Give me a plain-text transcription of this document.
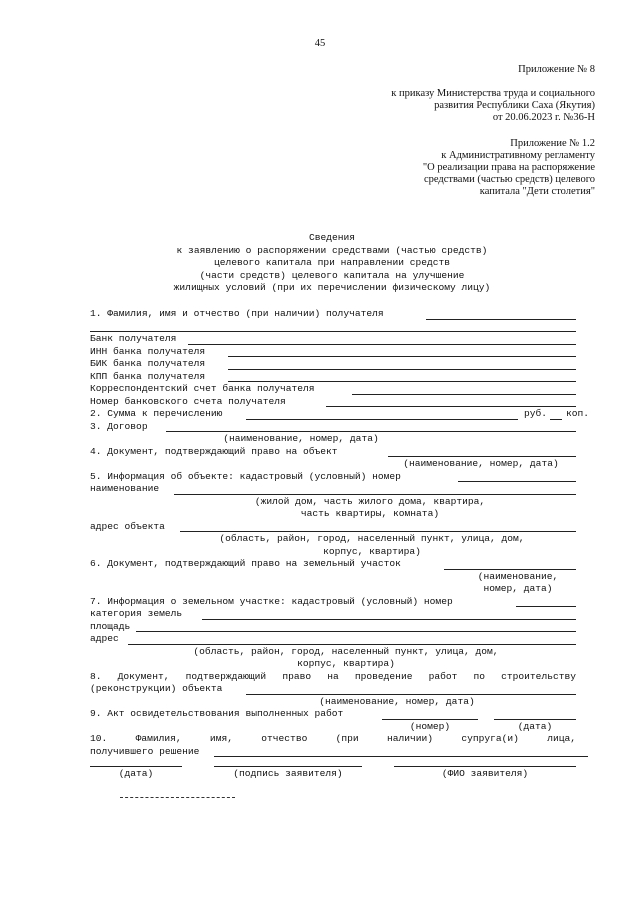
45
Приложение № 8
к приказу Министерства труда и социального
развития Республики Саха (Якутия)
от 20.06.2023 г. №36-Н
Приложение № 1.2
к Административному регламенту
"О реализации права на распоряжение
средствами (частью средств) целевого
капитала "Дети столетия"
Сведения
к заявлению о распоряжении средствами (частью средств)
целевого капитала при направлении средств
(части средств) целевого капитала на улучшение
жилищных условий (при их перечислении физическому лицу)
1. Фамилия, имя и отчество (при наличии) получателя
Банк получателя
ИНН банка получателя
БИК банка получателя
КПП банка получателя
Корреспондентский счет банка получателя
Номер банковского счета получателя
2. Сумма к перечислению	руб. коп.
3. Договор
(наименование, номер, дата)
4. Документ, подтверждающий право на объект
(наименование, номер, дата)
5. Информация об объекте: кадастровый (условный) номер
наименование
(жилой дом, часть жилого дома, квартира,
часть квартиры, комната)
адрес объекта
(область, район, город, населенный пункт, улица, дом,
корпус, квартира)
6. Документ, подтверждающий право на земельный участок
(наименование,
номер, дата)
7. Информация о земельном участке: кадастровый (условный) номер
категория земель
площадь
адрес
(область, район, город, населенный пункт, улица, дом,
корпус, квартира)
8. Документ, подтверждающий право на проведение работ по строительству
(реконструкции) объекта
(наименование, номер, дата)
9. Акт освидетельствования выполненных работ
(номер)	(дата)
10. Фамилия, имя, отчество (при наличии) супруга(и) лица,
получившего решение
(дата)	(подпись заявителя)	(ФИО заявителя)
